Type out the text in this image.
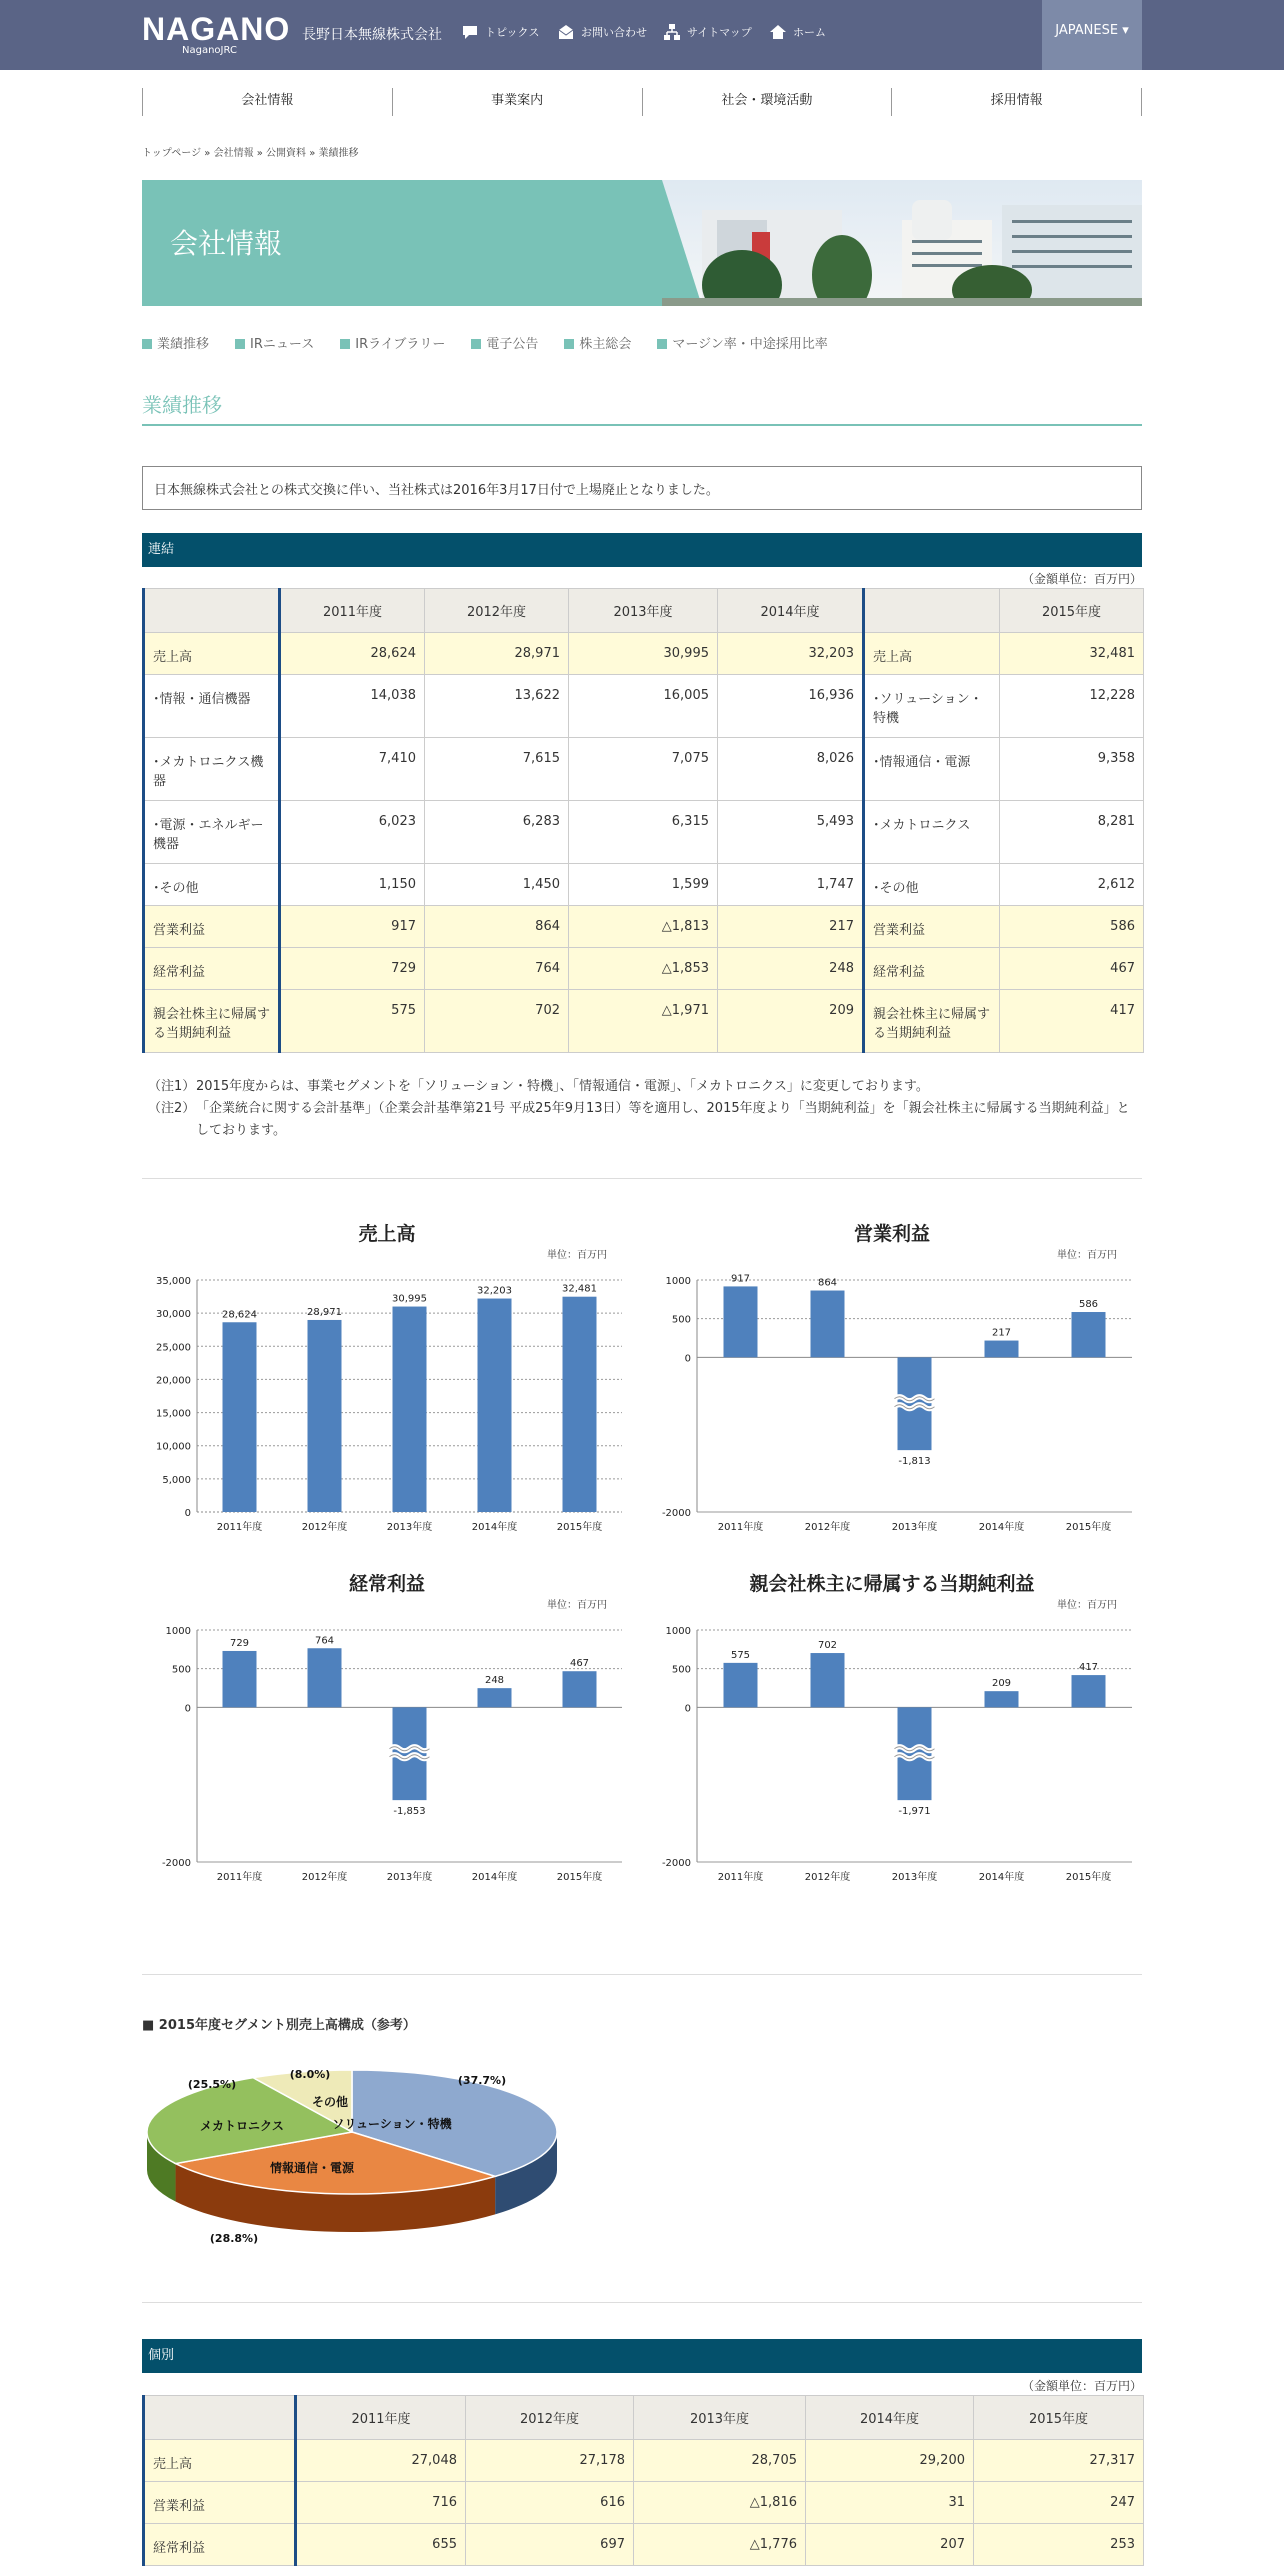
NAGANO
NaganoJRC
長野日本無線株式会社	トピックス	お問い合わせ	サイトマップ	ホーム	JAPANESE ▾
会社情報	事業案内	社会・環境活動	採用情報
トップページ » 会社情報 » 公開資料 » 業績推移
会社情報
業績推移	IRニュース	IRライブラリー	電子公告	株主総会	マージン率・中途採用比率
業績推移
日本無線株式会社との株式交換に伴い、当社株式は2016年3月17日付で上場廃止となりました。
連結
（金額単位：百万円）
	2011年度	2012年度	2013年度	2014年度		2015年度
売上高	28,624	28,971	30,995	32,203	売上高	32,481
･情報・通信機器	14,038	13,622	16,005	16,936	･ソリューション・特機	12,228
･メカトロニクス機器	7,410	7,615	7,075	8,026	･情報通信・電源	9,358
･電源・エネルギー機器	6,023	6,283	6,315	5,493	･メカトロニクス	8,281
･その他	1,150	1,450	1,599	1,747	･その他	2,612
営業利益	917	864	△1,813	217	営業利益	586
経常利益	729	764	△1,853	248	経常利益	467
親会社株主に帰属する当期純利益	575	702	△1,971	209	親会社株主に帰属する当期純利益	417
（注1） 2015年度からは、事業セグメントを「ソリューション・特機」、「情報通信・電源」、「メカトロニクス」に変更しております。
（注2） 「企業統合に関する会計基準」（企業会計基準第21号 平成25年9月13日）等を適用し、2015年度より「当期純利益」を「親会社株主に帰属する当期純利益」としております。
売上高
単位：百万円
0
5,000
10,000
15,000
20,000
25,000
30,000
35,000
28,624
2011年度
28,971
2012年度
30,995
2013年度
32,203
2014年度
32,481
2015年度
営業利益
単位：百万円
-2000
0
500
1000	917
2011年度
864
2012年度
-1,813
2013年度
217
2014年度
586
2015年度
経常利益
単位：百万円
-2000
0
500
1000
729
2011年度
764
2012年度
-1,853
2013年度
248
2014年度
467
2015年度
親会社株主に帰属する当期純利益
単位：百万円
-2000
0
500
1000
575
2011年度
702
2012年度
-1,971
2013年度
209
2014年度
417
2015年度
■ 2015年度セグメント別売上高構成（参考）
ソリューション・特機
(37.7%)
情報通信・電源
(28.8%)
メカトロニクス
(25.5%)
その他
(8.0%)
個別
（金額単位：百万円）
	2011年度	2012年度	2013年度	2014年度	2015年度
売上高	27,048	27,178	28,705	29,200	27,317
営業利益	716	616	△1,816	31	247
経常利益	655	697	△1,776	207	253
